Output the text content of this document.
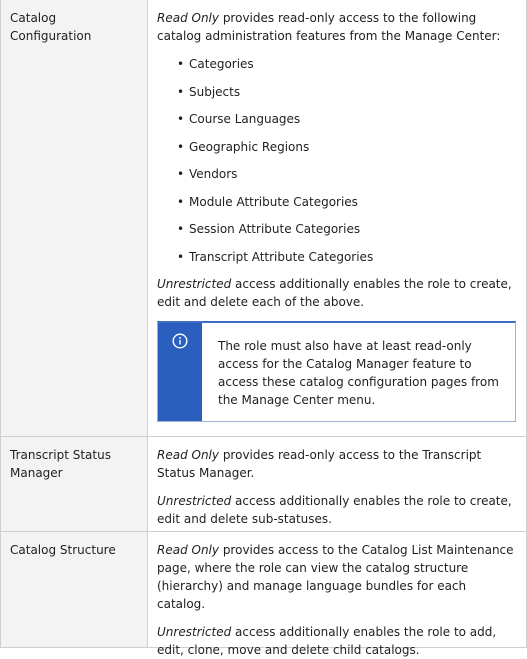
Catalog Configuration

Read Only provides read-only access to the following catalog administration features from the Manage Center:

• Categories
• Subjects
• Course Languages
• Geographic Regions
• Vendors
• Module Attribute Categories
• Session Attribute Categories
• Transcript Attribute Categories

Unrestricted access additionally enables the role to create, edit and delete each of the above.

The role must also have at least read-only access for the Catalog Manager feature to access these catalog configuration pages from the Manage Center menu.
Transcript Status Manager

Read Only provides read-only access to the Transcript Status Manager.

Unrestricted access additionally enables the role to create, edit and delete sub-statuses.

Catalog Structure	Read Only provides access to the Catalog List Maintenance page, where the role can view the catalog structure (hierarchy) and manage language bundles for each catalog.

Unrestricted access additionally enables the role to add, edit, clone, move and delete child catalogs.
